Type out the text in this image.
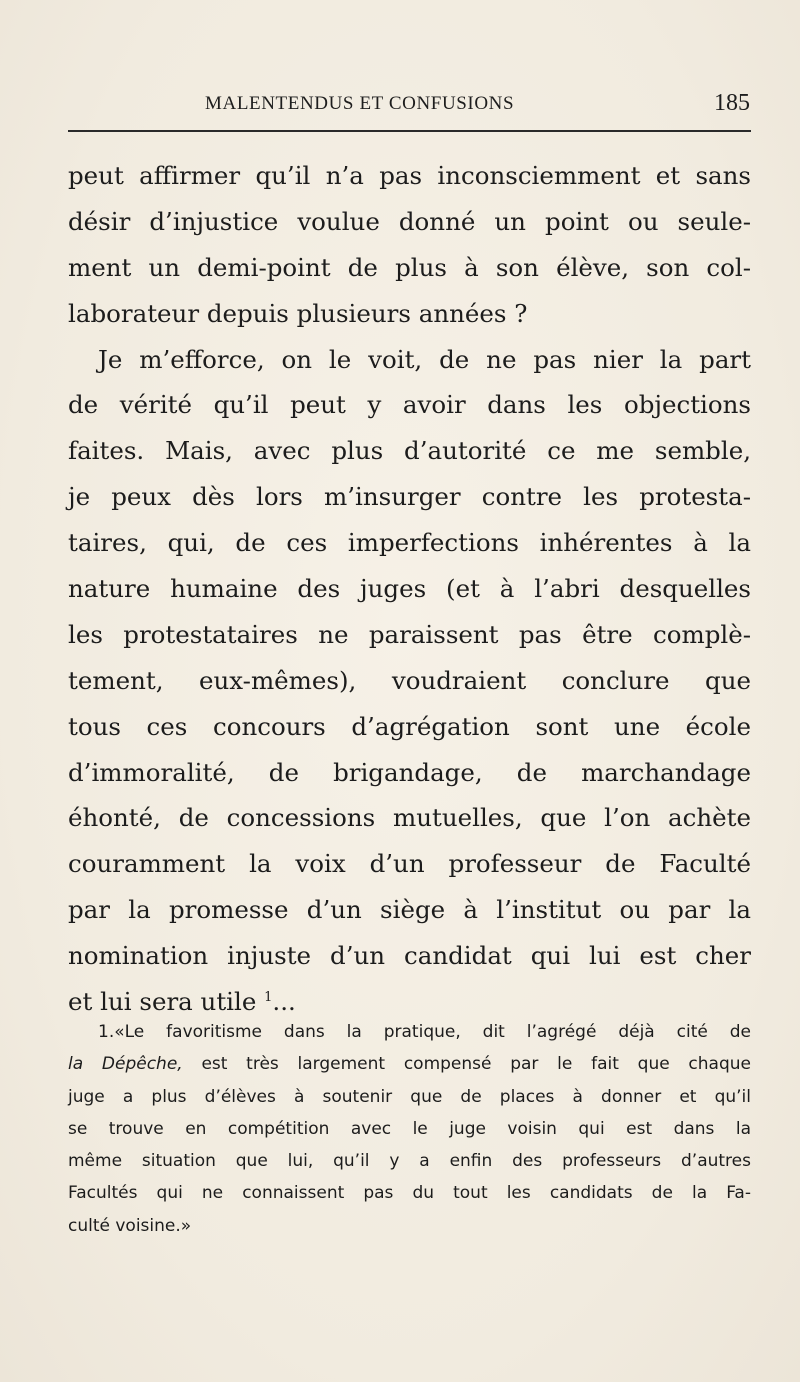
MALENTENDUS ET CONFUSIONS	185
peut affirmer qu’il n’a pas inconsciemment et sans
désir d’injustice voulue donné un point ou seule-
ment un demi-point de plus à son élève, son col-
laborateur depuis plusieurs années ?
Je m’efforce, on le voit, de ne pas nier la part
de vérité qu’il peut y avoir dans les objections
faites. Mais, avec plus d’autorité ce me semble,
je peux dès lors m’insurger contre les protesta-
taires, qui, de ces imperfections inhérentes à la
nature humaine des juges (et à l’abri desquelles
les protestataires ne paraissent pas être complè-
tement, eux-mêmes), voudraient conclure que
tous ces concours d’agrégation sont une école
d’immoralité, de brigandage, de marchandage
éhonté, de concessions mutuelles, que l’on achète
couramment la voix d’un professeur de Faculté
par la promesse d’un siège à l’institut ou par la
nomination injuste d’un candidat qui lui est cher
et lui sera utile $^1$...
1.«Le favoritisme dans la pratique, dit l’agrégé déjà cité de
la Dépêche, est très largement compensé par le fait que chaque
juge a plus d’élèves à soutenir que de places à donner et qu’il
se trouve en compétition avec le juge voisin qui est dans la
même situation que lui, qu’il y a enfin des professeurs d’autres
Facultés qui ne connaissent pas du tout les candidats de la Fa-
culté voisine.»
